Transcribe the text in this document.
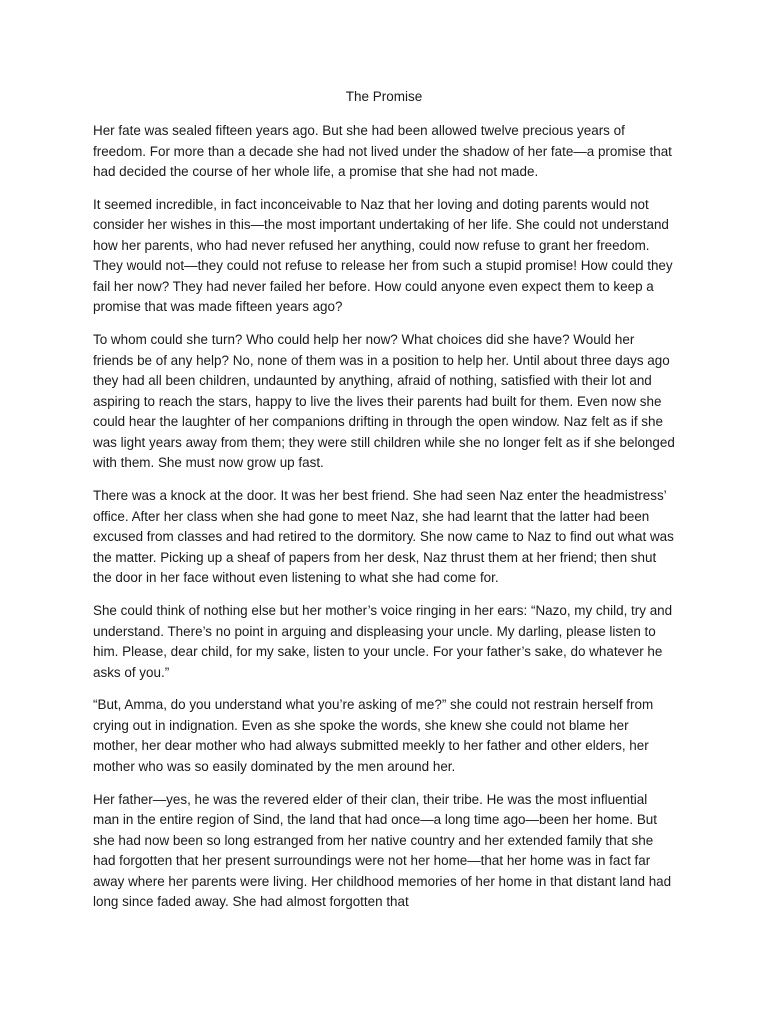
The Promise

Her fate was sealed fifteen years ago. But she had been allowed twelve precious years of freedom. For more than a decade she had not lived under the shadow of her fate—a promise that had decided the course of her whole life, a promise that she had not made.

It seemed incredible, in fact inconceivable to Naz that her loving and doting parents would not consider her wishes in this—the most important undertaking of her life. She could not understand how her parents, who had never refused her anything, could now refuse to grant her freedom. They would not—they could not refuse to release her from such a stupid promise! How could they fail her now? They had never failed her before. How could anyone even expect them to keep a promise that was made fifteen years ago?

To whom could she turn? Who could help her now? What choices did she have? Would her friends be of any help? No, none of them was in a position to help her. Until about three days ago they had all been children, undaunted by anything, afraid of nothing, satisfied with their lot and aspiring to reach the stars, happy to live the lives their parents had built for them. Even now she could hear the laughter of her companions drifting in through the open window. Naz felt as if she was light years away from them; they were still children while she no longer felt as if she belonged with them. She must now grow up fast.

There was a knock at the door. It was her best friend. She had seen Naz enter the headmistress’ office. After her class when she had gone to meet Naz, she had learnt that the latter had been excused from classes and had retired to the dormitory. She now came to Naz to find out what was the matter. Picking up a sheaf of papers from her desk, Naz thrust them at her friend; then shut the door in her face without even listening to what she had come for.

She could think of nothing else but her mother’s voice ringing in her ears: “Nazo, my child, try and understand. There’s no point in arguing and displeasing your uncle. My darling, please listen to him. Please, dear child, for my sake, listen to your uncle. For your father’s sake, do whatever he asks of you.”

“But, Amma, do you understand what you’re asking of me?” she could not restrain herself from crying out in indignation. Even as she spoke the words, she knew she could not blame her mother, her dear mother who had always submitted meekly to her father and other elders, her mother who was so easily dominated by the men around her.

Her father—yes, he was the revered elder of their clan, their tribe. He was the most influential man in the entire region of Sind, the land that had once—a long time ago—been her home. But she had now been so long estranged from her native country and her extended family that she had forgotten that her present surroundings were not her home—that her home was in fact far away where her parents were living. Her childhood memories of her home in that distant land had long since faded away. She had almost forgotten that
